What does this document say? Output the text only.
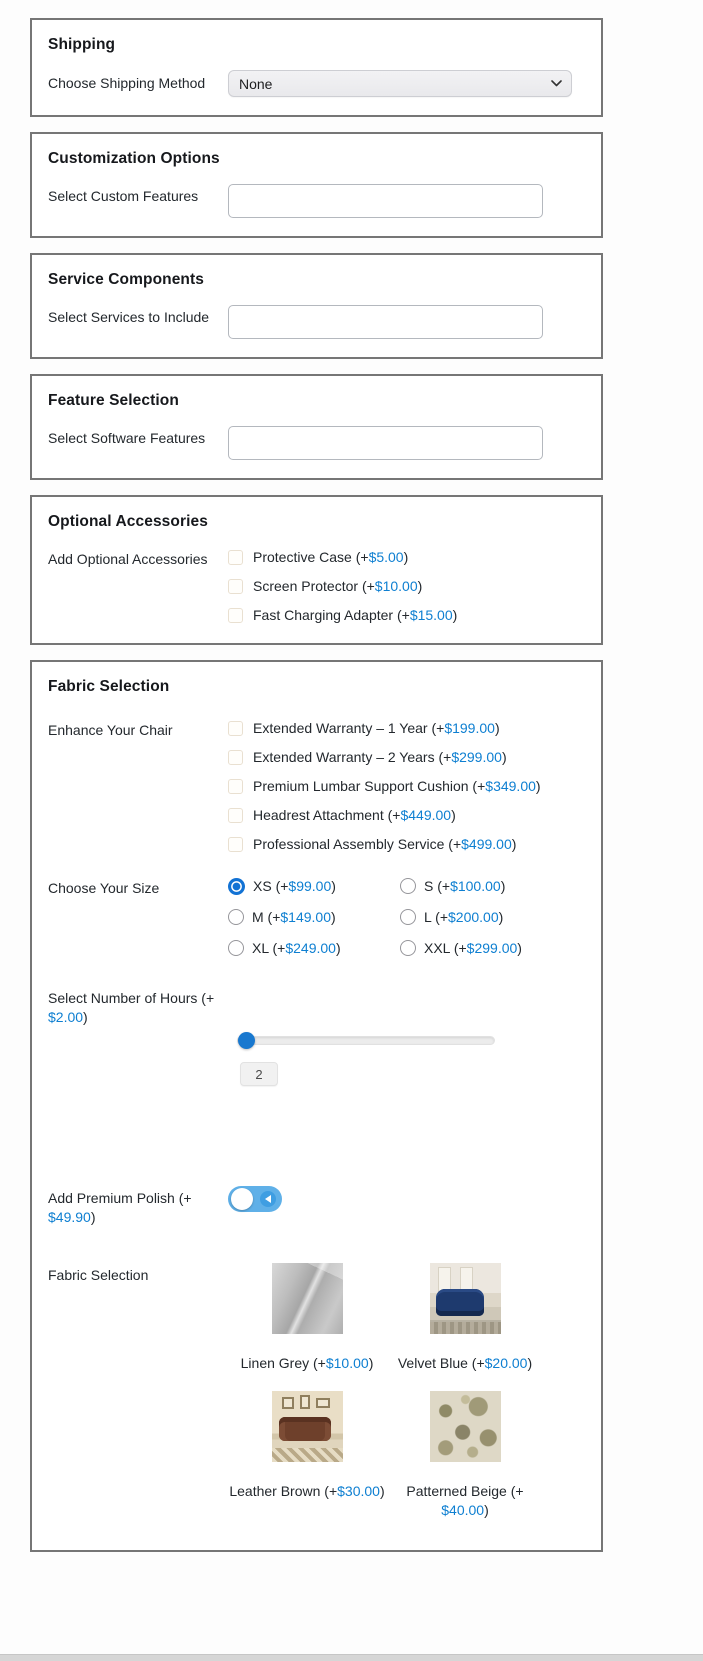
Shipping
Choose Shipping Method	None
Customization Options
Select Custom Features
Service Components
Select Services to Include
Feature Selection
Select Software Features
Optional Accessories
Add Optional Accessories	Protective Case (+$5.00)
Screen Protector (+$10.00)
Fast Charging Adapter (+$15.00)
Fabric Selection
Enhance Your Chair	Extended Warranty – 1 Year (+$199.00)
Extended Warranty – 2 Years (+$299.00)
Premium Lumbar Support Cushion (+$349.00)
Headrest Attachment (+$449.00)
Professional Assembly Service (+$499.00)
Choose Your Size	XS (+$99.00)	S (+$100.00)
M (+$149.00)	L (+$200.00)
XL (+$249.00)	XXL (+$299.00)
Select Number of Hours (+$2.00)
2
Add Premium Polish (+$49.90)
Fabric Selection
Linen Grey (+$10.00) Velvet Blue (+$20.00)
Leather Brown (+$30.00)	Patterned Beige (+$40.00)
